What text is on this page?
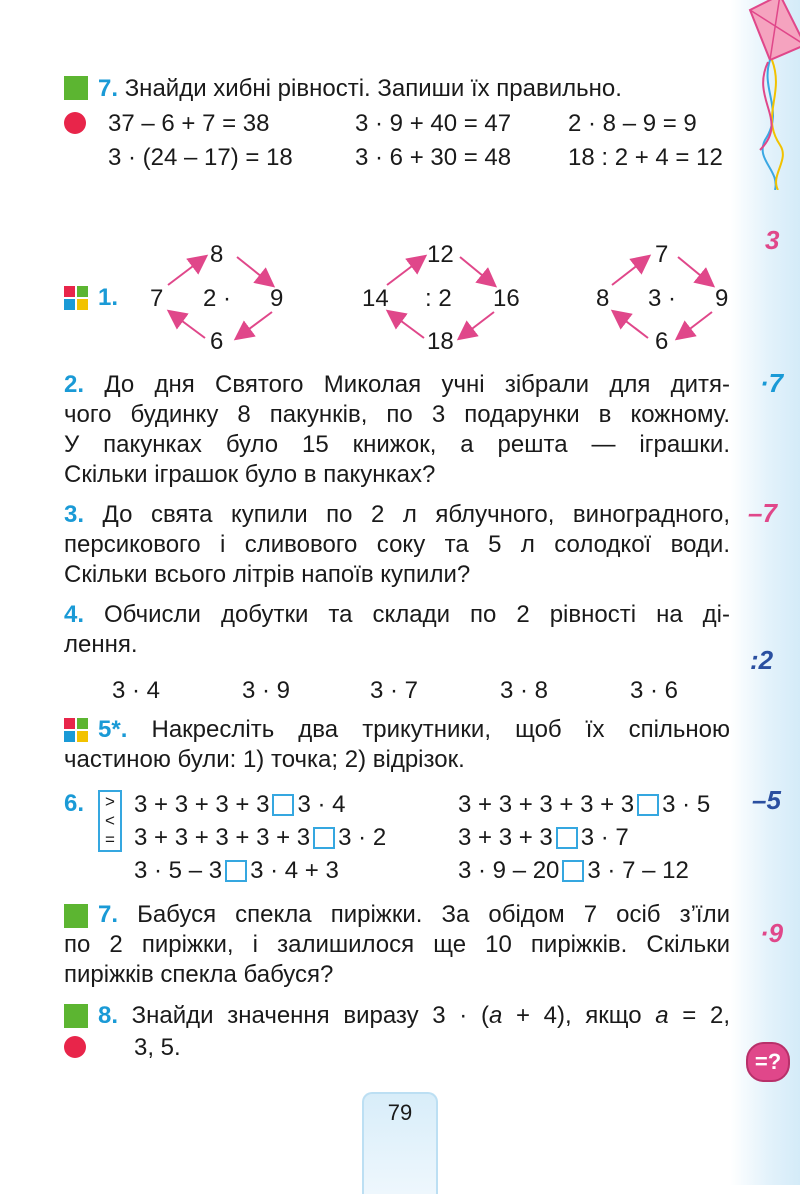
3
·7
–7
:2
–5
·9
=?
7. Знайди хибні рівності. Запиши їх правильно.
37 – 6 + 7 = 38	3 · 9 + 40 = 47 2 · 8 – 9 = 9
3 · (24 – 17) = 18	3 · 6 + 30 = 48 18 : 2 + 4 = 12
1.
8
7 2 · 9
6
12
14 : 2 16
18
7
8 3 · 9
6
2. До дня Святого Миколая учні зібрали для дитя-
чого будинку 8 пакунків, по 3 подарунки в кожному.
У пакунках було 15 книжок, а решта — іграшки.
Скільки іграшок було в пакунках?
3. До свята купили по 2 л яблучного, виноградного,
персикового і сливового соку та 5 л солодкої води.
Скільки всього літрів напоїв купили?
4. Обчисли добутки та склади по 2 рівності на ді-
лення.
3 · 4	3 · 9	3 · 7	3 · 8	3 · 6
5*. Накресліть два трикутники, щоб їх спільною
частиною були: 1) точка; 2) відрізок.
6. >
<
=
3 + 3 + 3 + 3 3 · 4	3 + 3 + 3 + 3 + 3 3 · 5
3 + 3 + 3 + 3 + 3 3 · 2	3 + 3 + 3 3 · 7
3 · 5 – 3 3 · 4 + 3	3 · 9 – 20 3 · 7 – 12
7. Бабуся спекла пиріжки. За обідом 7 осіб з’їли
по 2 пиріжки, і залишилося ще 10 пиріжків. Скільки
пиріжків спекла бабуся?
8. Знайди значення виразу 3 · (a + 4), якщо a = 2,
3, 5.
79
